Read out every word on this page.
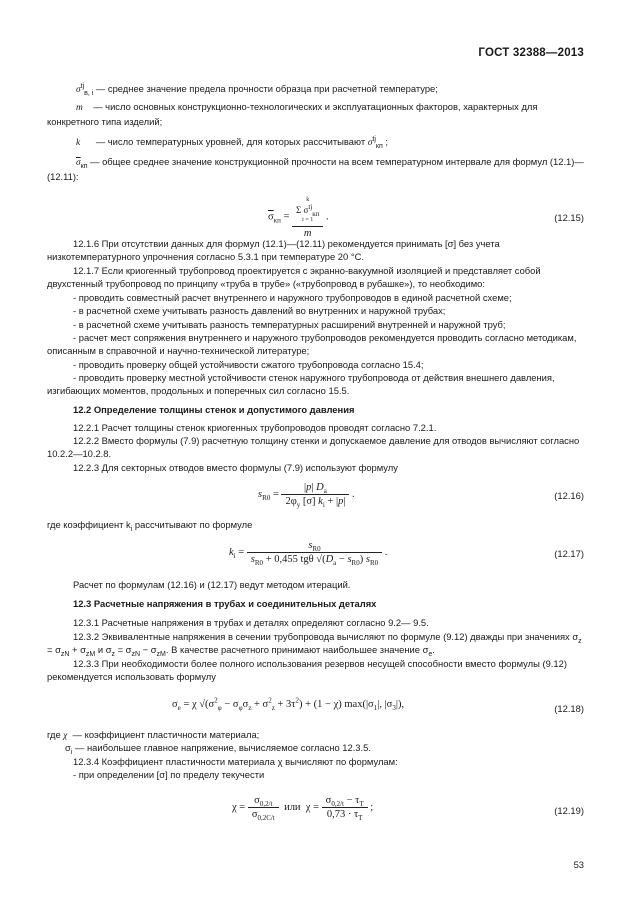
ГОСТ 32388—2013
$\sigma^{tj}_{в, i}$ — среднее значение предела прочности образца при расчетной температуре;
m — число основных конструкционно-технологических и эксплуатационных факторов, характерных для конкретного типа изделий;
k — число температурных уровней, для которых рассчитывают $\sigma^{tj}_{кп}$ ;
$\overline{\sigma}_{кп}$ — общее среднее значение конструкционной прочности на всем температурном интервале для формул (12.1)—(12.11):
$\overline{\sigma}_{кп} = k$
Σ $\sigma^{tj}_{кп}$
i = 1
m .	(12.15)
12.1.6 При отсутствии данных для формул (12.1)—(12.11) рекомендуется принимать [σ] без учета низкотемпературного упрочнения согласно 5.3.1 при температуре 20 °С.
12.1.7 Если криогенный трубопровод проектируется с экранно-вакуумной изоляцией и представляет собой двухстенный трубопровод по принципу «труба в трубе» («трубопровод в рубашке»), то необходимо:
- проводить совместный расчет внутреннего и наружного трубопроводов в единой расчетной схеме;
- в расчетной схеме учитывать разность давлений во внутренних и наружной трубах;
- в расчетной схеме учитывать разность температурных расширений внутренней и наружной труб;
- расчет мест сопряжения внутреннего и наружного трубопроводов рекомендуется проводить согласно методикам, описанным в справочной и научно-технической литературе;
- проводить проверку общей устойчивости сжатого трубопровода согласно 15.4;
- проводить проверку местной устойчивости стенок наружного трубопровода от действия внешнего давления, изгибающих моментов, продольных и поперечных сил согласно 15.5.
12.2 Определение толщины стенок и допустимого давления
12.2.1 Расчет толщины стенок криогенных трубопроводов проводят согласно 7.2.1.
12.2.2 Вместо формулы (7.9) расчетную толщину стенки и допускаемое давление для отводов вычисляют согласно 10.2.2—10.2.8.
12.2.3 Для секторных отводов вместо формулы (7.9) используют формулу
$s_{R0} = \frac{|p| D_a}{2\varphi_y [\sigma] k_i + |p|}$ .	(12.16)
где коэффициент $k_i$ рассчитывают по формуле
$k_i = \frac{s_{R0}}{s_{R0} + 0,455 tg\theta √(D_a - s_{R0}) s_{R0}}$ .	(12.17)
Расчет по формулам (12.16) и (12.17) ведут методом итераций.
12.3 Расчетные напряжения в трубах и соединительных деталях
12.3.1 Расчетные напряжения в трубах и деталях определяют согласно 9.2— 9.5.
12.3.2 Эквивалентные напряжения в сечении трубопровода вычисляют по формуле (9.12) дважды при значениях $\sigma_z = \sigma_{zN} + \sigma_{zM}$ и $\sigma_z = \sigma_{zN} - \sigma_{zM}$. В качестве расчетного принимают наибольшее значение $\sigma_e$.
12.3.3 При необходимости более полного использования резервов несущей способности вместо формулы (9.12) рекомендуется использовать формулу
$\sigma_e = \chi$ $√(\sigma^2_\varphi - \sigma_\varphi\sigma_z + \sigma^2_z + 3\tau^2) + (1 - \chi)$ $\max(|\sigma_1|$, $|\sigma_3|$),	(12.18)
где χ — коэффициент пластичности материала;
$\sigma_i$ — наибольшее главное напряжение, вычисляемое согласно 12.3.5.
12.3.4 Коэффициент пластичности материала χ вычисляют по формулам:
- при определении [σ] по пределу текучести
$\chi = \frac{\sigma_{0,2/t}}{\sigma_{0,2C/t}}$ или  $\chi = \frac{\sigma_{0,2/t} - \tau_T}{0,73 \cdot \tau_T}$ ;	(12.19)
53
